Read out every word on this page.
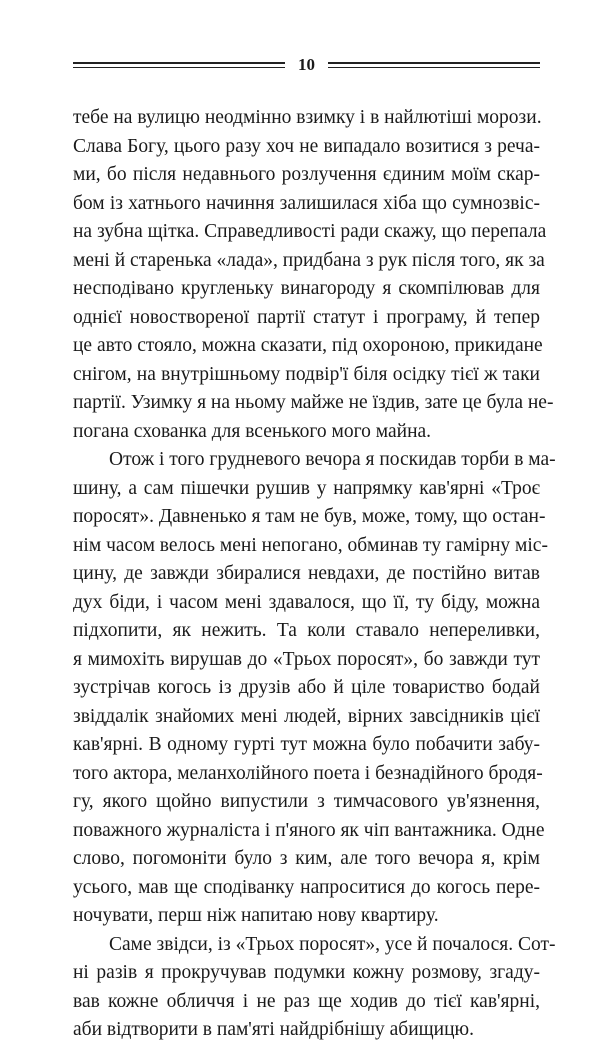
10
тебе на вулицю неодмінно взимку і в найлютіші морози.
Слава Богу, цього разу хоч не випадало возитися з реча-
ми, бо після недавнього розлучення єдиним моїм скар-
бом із хатнього начиння залишилася хіба що сумнозвіс-
на зубна щітка. Справедливості ради скажу, що перепала
мені й старенька «лада», придбана з рук після того, як за
несподівано кругленьку винагороду я скомпілював для
однієї новоствореної партії статут і програму, й тепер
це авто стояло, можна сказати, під охороною, прикидане
снігом, на внутрішньому подвір'ї біля осідку тієї ж таки
партії. Узимку я на ньому майже не їздив, зате це була не-
погана схованка для всенького мого майна.
Отож і того грудневого вечора я поскидав торби в ма-
шину, а сам пішечки рушив у напрямку кав'ярні «Троє
поросят». Давненько я там не був, може, тому, що остан-
нім часом велось мені непогано, обминав ту гамірну міс-
цину, де завжди збиралися невдахи, де постійно витав
дух біди, і часом мені здавалося, що її, ту біду, можна
підхопити, як нежить. Та коли ставало непереливки,
я мимохіть вирушав до «Трьох поросят», бо завжди тут
зустрічав когось із друзів або й ціле товариство бодай
звіддалік знайомих мені людей, вірних завсідників цієї
кав'ярні. В одному гурті тут можна було побачити забу-
того актора, меланхолійного поета і безнадійного бродя-
гу, якого щойно випустили з тимчасового ув'язнення,
поважного журналіста і п'яного як чіп вантажника. Одне
слово, погомоніти було з ким, але того вечора я, крім
усього, мав ще сподіванку напроситися до когось пере-
ночувати, перш ніж напитаю нову квартиру.
Саме звідси, із «Трьох поросят», усе й почалося. Сот-
ні разів я прокручував подумки кожну розмову, згаду-
вав кожне обличчя і не раз ще ходив до тієї кав'ярні,
аби відтворити в пам'яті найдрібнішу абищицю.
